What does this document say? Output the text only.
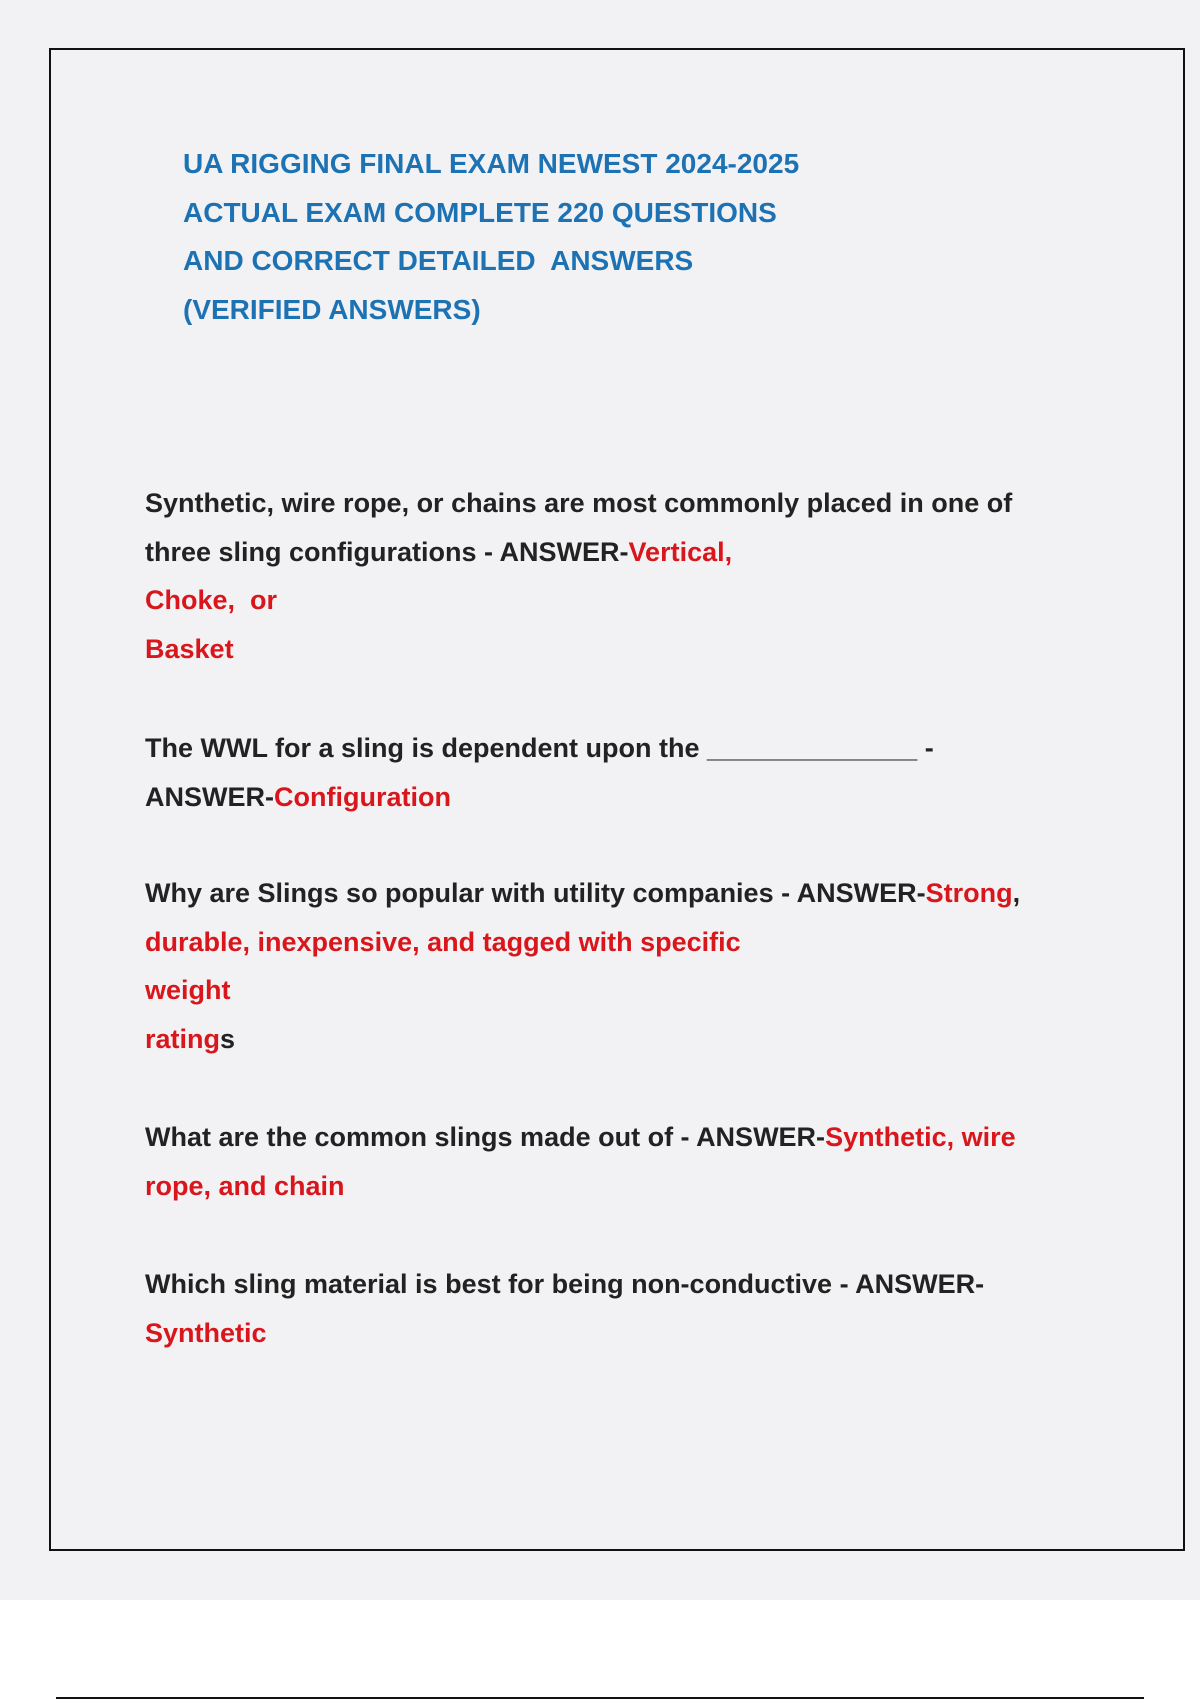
UA RIGGING FINAL EXAM NEWEST 2024-2025
ACTUAL EXAM COMPLETE 220 QUESTIONS
AND CORRECT DETAILED  ANSWERS
(VERIFIED ANSWERS)
Synthetic, wire rope, or chains are most commonly placed in one of
three sling configurations - ANSWER-Vertical,
Choke,  or
Basket
The WWL for a sling is dependent upon the ______________ -
ANSWER-Configuration
Why are Slings so popular with utility companies - ANSWER-Strong,
durable, inexpensive, and tagged with specific
weight
ratings
What are the common slings made out of - ANSWER-Synthetic, wire
rope, and chain
Which sling material is best for being non-conductive - ANSWER-
Synthetic
